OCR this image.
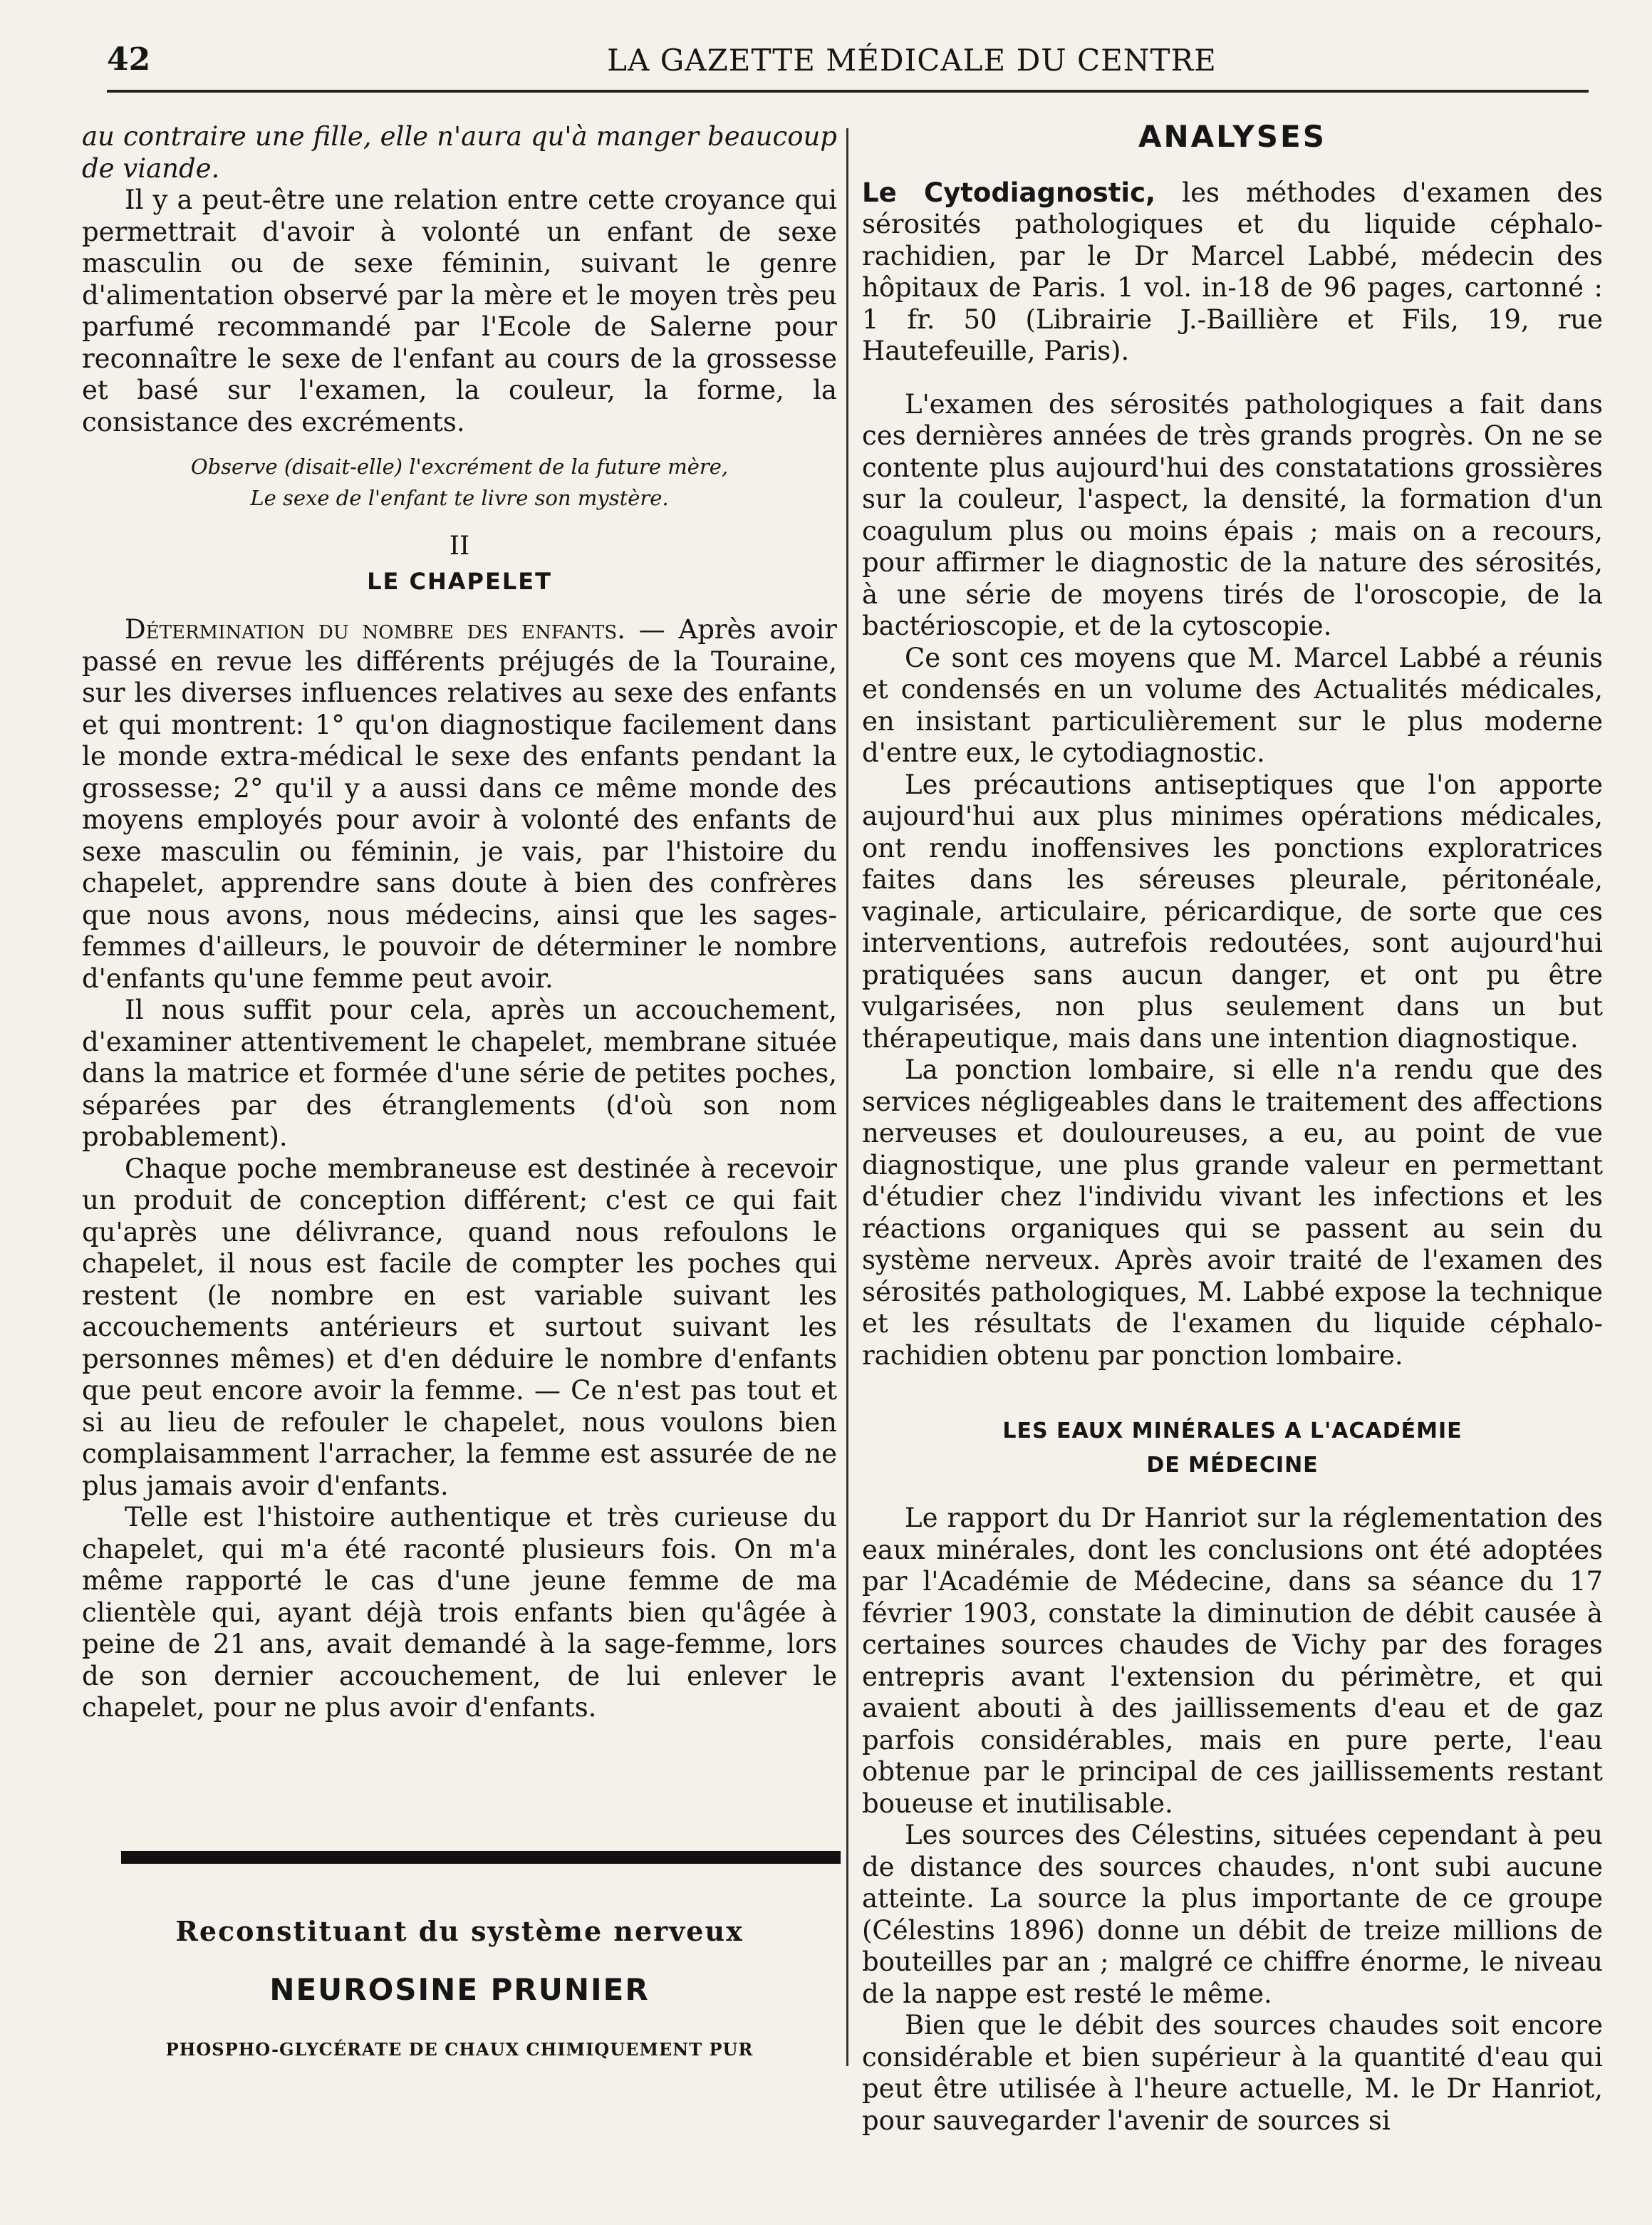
42	LA GAZETTE MÉDICALE DU CENTRE

au contraire une fille, elle n'aura qu'à manger beaucoup de viande.

Il y a peut-être une relation entre cette croyance qui permettrait d'avoir à volonté un enfant de sexe masculin ou de sexe féminin, suivant le genre d'alimentation observé par la mère et le moyen très peu parfumé recommandé par l'Ecole de Salerne pour reconnaître le sexe de l'enfant au cours de la grossesse et basé sur l'examen, la couleur, la forme, la consistance des excréments.

Observe (disait-elle) l'excrément de la future mère,
Le sexe de l'enfant te livre son mystère.
II
LE CHAPELET

Détermination du nombre des enfants. — Après avoir passé en revue les différents préjugés de la Touraine, sur les diverses influences relatives au sexe des enfants et qui montrent: 1° qu'on diagnostique facilement dans le monde extra-médical le sexe des enfants pendant la grossesse; 2° qu'il y a aussi dans ce même monde des moyens employés pour avoir à volonté des enfants de sexe masculin ou féminin, je vais, par l'histoire du chapelet, apprendre sans doute à bien des confrères que nous avons, nous médecins, ainsi que les sages-femmes d'ailleurs, le pouvoir de déterminer le nombre d'enfants qu'une femme peut avoir.

Il nous suffit pour cela, après un accouchement, d'examiner attentivement le chapelet, membrane située dans la matrice et formée d'une série de petites poches, séparées par des étranglements (d'où son nom probablement).

Chaque poche membraneuse est destinée à recevoir un produit de conception différent; c'est ce qui fait qu'après une délivrance, quand nous refoulons le chapelet, il nous est facile de compter les poches qui restent (le nombre en est variable suivant les accouchements antérieurs et surtout suivant les personnes mêmes) et d'en déduire le nombre d'enfants que peut encore avoir la femme. — Ce n'est pas tout et si au lieu de refouler le chapelet, nous voulons bien complaisamment l'arracher, la femme est assurée de ne plus jamais avoir d'enfants.

Telle est l'histoire authentique et très curieuse du chapelet, qui m'a été raconté plusieurs fois. On m'a même rapporté le cas d'une jeune femme de ma clientèle qui, ayant déjà trois enfants bien qu'âgée à peine de 21 ans, avait demandé à la sage-femme, lors de son dernier accouchement, de lui enlever le chapelet, pour ne plus avoir d'enfants.

Reconstituant du système nerveux
NEUROSINE PRUNIER
PHOSPHO-GLYCÉRATE DE CHAUX CHIMIQUEMENT PUR
ANALYSES

Le Cytodiagnostic, les méthodes d'examen des sérosités pathologiques et du liquide céphalo-rachidien, par le Dr Marcel Labbé, médecin des hôpitaux de Paris. 1 vol. in-18 de 96 pages, cartonné : 1 fr. 50 (Librairie J.-Baillière et Fils, 19, rue Hautefeuille, Paris).

L'examen des sérosités pathologiques a fait dans ces dernières années de très grands progrès. On ne se contente plus aujourd'hui des constatations grossières sur la couleur, l'aspect, la densité, la formation d'un coagulum plus ou moins épais ; mais on a recours, pour affirmer le diagnostic de la nature des sérosités, à une série de moyens tirés de l'oroscopie, de la bactérioscopie, et de la cytoscopie.

Ce sont ces moyens que M. Marcel Labbé a réunis et condensés en un volume des Actualités médicales, en insistant particulièrement sur le plus moderne d'entre eux, le cytodiagnostic.

Les précautions antiseptiques que l'on apporte aujourd'hui aux plus minimes opérations médicales, ont rendu inoffensives les ponctions exploratrices faites dans les séreuses pleurale, péritonéale, vaginale, articulaire, péricardique, de sorte que ces interventions, autrefois redoutées, sont aujourd'hui pratiquées sans aucun danger, et ont pu être vulgarisées, non plus seulement dans un but thérapeutique, mais dans une intention diagnostique.

La ponction lombaire, si elle n'a rendu que des services négligeables dans le traitement des affections nerveuses et douloureuses, a eu, au point de vue diagnostique, une plus grande valeur en permettant d'étudier chez l'individu vivant les infections et les réactions organiques qui se passent au sein du système nerveux. Après avoir traité de l'examen des sérosités pathologiques, M. Labbé expose la technique et les résultats de l'examen du liquide céphalo-rachidien obtenu par ponction lombaire.

LES EAUX MINÉRALES A L'ACADÉMIE
DE MÉDECINE

Le rapport du Dr Hanriot sur la réglementation des eaux minérales, dont les conclusions ont été adoptées par l'Académie de Médecine, dans sa séance du 17 février 1903, constate la diminution de débit causée à certaines sources chaudes de Vichy par des forages entrepris avant l'extension du périmètre, et qui avaient abouti à des jaillissements d'eau et de gaz parfois considérables, mais en pure perte, l'eau obtenue par le principal de ces jaillissements restant boueuse et inutilisable.

Les sources des Célestins, situées cependant à peu de distance des sources chaudes, n'ont subi aucune atteinte. La source la plus importante de ce groupe (Célestins 1896) donne un débit de treize millions de bouteilles par an ; malgré ce chiffre énorme, le niveau de la nappe est resté le même.

Bien que le débit des sources chaudes soit encore considérable et bien supérieur à la quantité d'eau qui peut être utilisée à l'heure actuelle, M. le Dr Hanriot, pour sauvegarder l'avenir de sources si
